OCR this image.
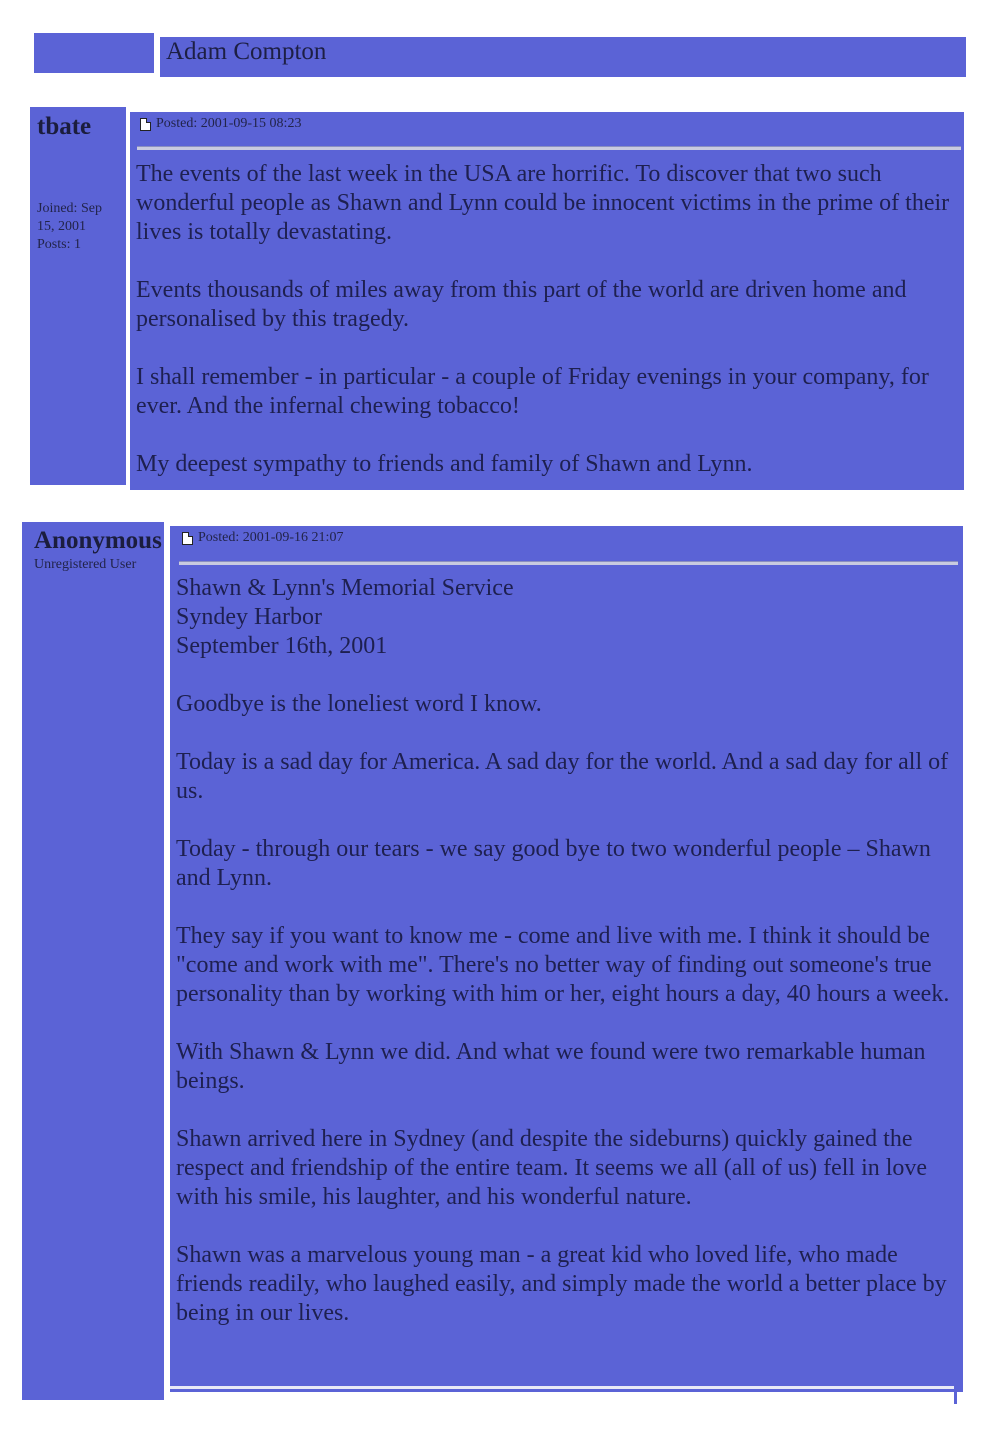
Adam Compton
tbate
Joined: Sep
15, 2001
Posts: 1
Posted: 2001-09-15 08:23

The events of the last week in the USA are horrific. To discover that two such wonderful people as Shawn and Lynn could be innocent victims in the prime of their lives is totally devastating.

Events thousands of miles away from this part of the world are driven home and personalised by this tragedy.

I shall remember - in particular - a couple of Friday evenings in your company, for ever. And the infernal chewing tobacco!

My deepest sympathy to friends and family of Shawn and Lynn.

Anonymous
Unregistered User
Posted: 2001-09-16 21:07

Shawn & Lynn's Memorial Service
Syndey Harbor
September 16th, 2001

Goodbye is the loneliest word I know.

Today is a sad day for America. A sad day for the world. And a sad day for all of us.

Today - through our tears - we say good bye to two wonderful people – Shawn and Lynn.

They say if you want to know me - come and live with me. I think it should be "come and work with me". There's no better way of finding out someone's true personality than by working with him or her, eight hours a day, 40 hours a week.

With Shawn & Lynn we did. And what we found were two remarkable human beings.

Shawn arrived here in Sydney (and despite the sideburns) quickly gained the respect and friendship of the entire team. It seems we all (all of us) fell in love with his smile, his laughter, and his wonderful nature.

Shawn was a marvelous young man - a great kid who loved life, who made friends readily, who laughed easily, and simply made the world a better place by being in our lives.
